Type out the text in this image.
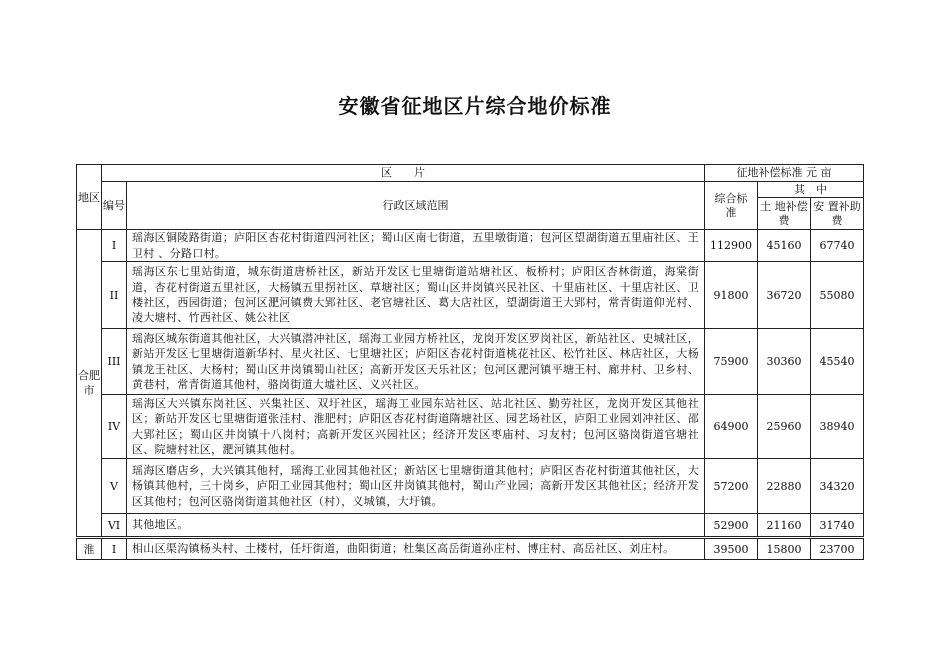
安徽省征地区片综合地价标准
地区	区　　片		征地补偿标准 元 亩		
	编号	行政区域范围	综合标准	其　中	
				土 地补偿费	安 置补助费
合肥市	I	瑶海区铜陵路街道；庐阳区杏花村街道四河社区；蜀山区南七街道，五里墩街道；包河区望湖街道五里庙社区、王卫村 、分路口村。	112900	45160	67740
	II	瑶海区东七里站街道，城东街道唐桥社区，新站开发区七里塘街道站塘社区、板桥村；庐阳区杏林街道，海棠街道，杏花村街道五里社区，大杨镇五里拐社区、草塘社区；蜀山区井岗镇兴民社区、十里庙社区、十里店社区、卫楼社区，西园街道；包河区淝河镇费大郢社区、老官塘社区、葛大店社区，望湖街道王大郢村，常青街道仰光村、凌大塘村、竹西社区、姚公社区	91800	36720	55080
	III	瑶海区城东街道其他社区，大兴镇潜冲社区，瑶海工业园方桥社区，龙岗开发区罗岗社区，新站社区、史城社区，新站开发区七里塘街道新华村、星火社区、七里塘社区；庐阳区杏花村街道桃花社区、松竹社区、林店社区，大杨镇龙王社区、大杨村；蜀山区井岗镇蜀山社区；高新开发区天乐社区；包河区淝河镇平塘王村、廊井村、卫乡村、黄巷村，常青街道其他村，骆岗街道大墟社区、义兴社区。	75900	30360	45540
	IV	瑶海区大兴镇东岗社区、兴集社区、双圩社区，瑶海工业园东站社区、站北社区、勤劳社区，龙岗开发区其他社区；新站开发区七里塘街道张洼村、淮肥村；庐阳区杏花村街道隋塘社区、园艺场社区，庐阳工业园刘冲社区、邵大郢社区；蜀山区井岗镇十八岗村；高新开发区兴园社区；经济开发区枣庙村、习友村；包河区骆岗街道官塘社区、院塘村社区，淝河镇其他村。	64900	25960	38940
	V	瑶海区磨店乡，大兴镇其他村，瑶海工业园其他社区；新站区七里塘街道其他村；庐阳区杏花村街道其他社区，大杨镇其他村，三十岗乡，庐阳工业园其他村；蜀山区井岗镇其他村，蜀山产业园；高新开发区其他社区；经济开发区其他村；包河区骆岗街道其他社区（村），义城镇，大圩镇。	57200	22880	34320
	VI	其他地区。	52900	21160	31740
淮	I	相山区渠沟镇杨头村、土楼村，任圩街道，曲阳街道；杜集区高岳街道孙庄村、博庄村、高岳社区、刘庄村。	39500	15800	23700
